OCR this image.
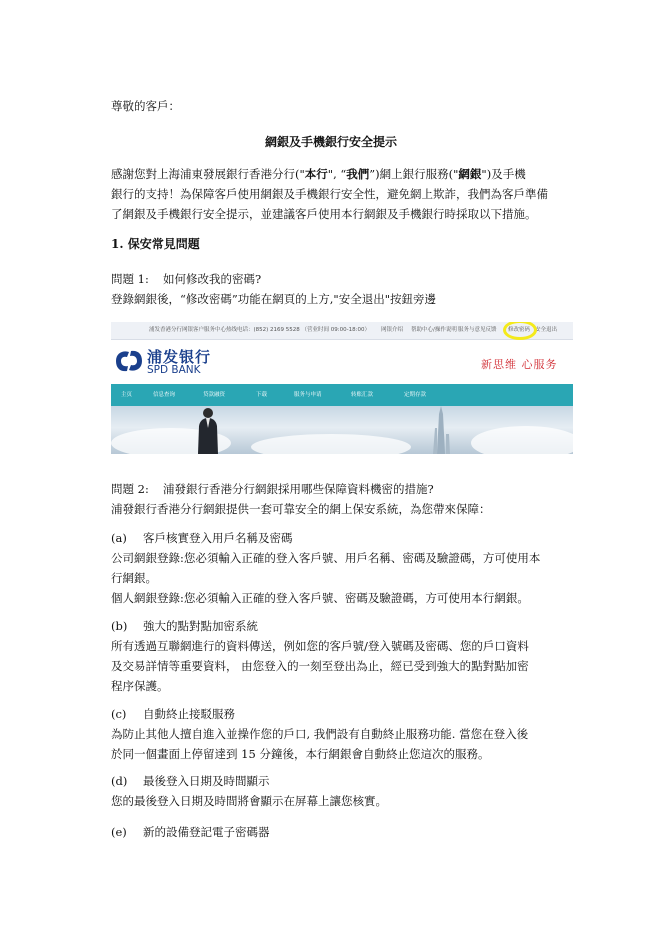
尊敬的客戶：

網銀及手機銀行安全提示

感謝您對上海浦東發展銀行香港分行("本行", “我們”)網上銀行服務("網銀")及手機

銀行的支持！為保障客戶使用網銀及手機銀行安全性，避免網上欺詐，我們為客戶準備

了網銀及手機銀行安全提示，並建議客戶使用本行網銀及手機銀行時採取以下措施。

1. 保安常見問題

問題 1: 如何修改我的密碼?

登錄網銀後，“修改密碼”功能在網頁的上方,"安全退出"按鈕旁邊

浦发香港分行网银客户服务中心热线电话：(852) 2169 5528 （营业时间 09:00-18:00） 网银介绍 帮助中心/操作说明 服务与意见反馈 修改密码 安全退出
浦发银行
SPD BANK	新思维 心服务
主页	信息查询	贷款融资	下载	服务与申请	转账汇款	定期存款

問題 2: 浦發銀行香港分行網銀採用哪些保障資料機密的措施?

浦發銀行香港分行網銀提供一套可靠安全的網上保安系統，為您帶來保障：

(a) 客戶核實登入用戶名稱及密碼

公司網銀登錄:您必須輸入正確的登入客戶號、用戶名稱、密碼及驗證碼，方可使用本

行網銀。

個人網銀登錄:您必須輸入正確的登入客戶號、密碼及驗證碼，方可使用本行網銀。

(b) 強大的點對點加密系統

所有透過互聯網進行的資料傳送，例如您的客戶號/登入號碼及密碼、您的戶口資料

及交易詳情等重要資料， 由您登入的一刻至登出為止，經已受到強大的點對點加密

程序保護。

(c) 自動終止接駁服務

為防止其他人擅自進入並操作您的戶口, 我們設有自動終止服務功能. 當您在登入後

於同一個畫面上停留達到 15 分鐘後，本行網銀會自動終止您這次的服務。

(d) 最後登入日期及時間顯示

您的最後登入日期及時間將會顯示在屏幕上讓您核實。

(e) 新的設備登記電子密碼器
